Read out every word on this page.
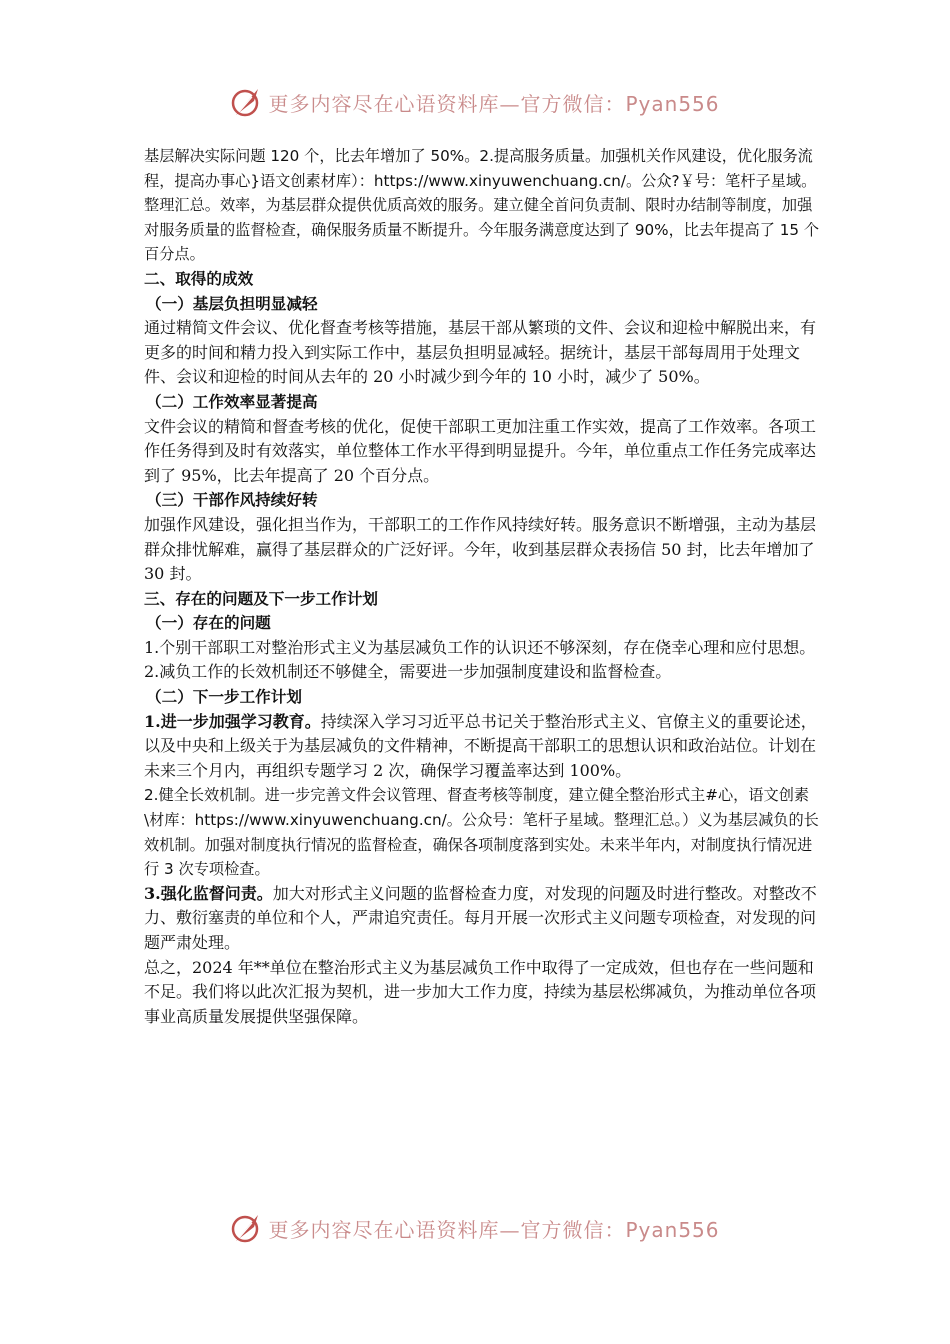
更多内容尽在心语资料库—官方微信：Pyan556

基层解决实际问题 120 个，比去年增加了 50%。2.提高服务质量。加强机关作风建设，优化服务流程，提高办事心}语文创素材库）：https://www.xinyuwenchuang.cn/。公众?￥号：笔杆子星域。整理汇总。效率，为基层群众提供优质高效的服务。建立健全首问负责制、限时办结制等制度，加强对服务质量的监督检查，确保服务质量不断提升。今年服务满意度达到了 90%，比去年提高了 15 个百分点。

二、取得的成效

（一）基层负担明显减轻

通过精简文件会议、优化督查考核等措施，基层干部从繁琐的文件、会议和迎检中解脱出来，有更多的时间和精力投入到实际工作中，基层负担明显减轻。据统计，基层干部每周用于处理文件、会议和迎检的时间从去年的 20 小时减少到今年的 10 小时，减少了 50%。

（二）工作效率显著提高

文件会议的精简和督查考核的优化，促使干部职工更加注重工作实效，提高了工作效率。各项工作任务得到及时有效落实，单位整体工作水平得到明显提升。今年，单位重点工作任务完成率达到了 95%，比去年提高了 20 个百分点。

（三）干部作风持续好转

加强作风建设，强化担当作为，干部职工的工作作风持续好转。服务意识不断增强，主动为基层群众排忧解难，赢得了基层群众的广泛好评。今年，收到基层群众表扬信 50 封，比去年增加了 30 封。

三、存在的问题及下一步工作计划

（一）存在的问题

1.个别干部职工对整治形式主义为基层减负工作的认识还不够深刻，存在侥幸心理和应付思想。2.减负工作的长效机制还不够健全，需要进一步加强制度建设和监督检查。

（二）下一步工作计划

1.进一步加强学习教育。持续深入学习习近平总书记关于整治形式主义、官僚主义的重要论述，以及中央和上级关于为基层减负的文件精神，不断提高干部职工的思想认识和政治站位。计划在未来三个月内，再组织专题学习 2 次，确保学习覆盖率达到 100%。

2.健全长效机制。进一步完善文件会议管理、督查考核等制度，建立健全整治形式主#心，语文创素\材库：https://www.xinyuwenchuang.cn/。公众号：笔杆子星域。整理汇总。）义为基层减负的长效机制。加强对制度执行情况的监督检查，确保各项制度落到实处。未来半年内，对制度执行情况进行 3 次专项检查。

3.强化监督问责。加大对形式主义问题的监督检查力度，对发现的问题及时进行整改。对整改不力、敷衍塞责的单位和个人，严肃追究责任。每月开展一次形式主义问题专项检查，对发现的问题严肃处理。

总之，2024 年**单位在整治形式主义为基层减负工作中取得了一定成效，但也存在一些问题和不足。我们将以此次汇报为契机，进一步加大工作力度，持续为基层松绑减负，为推动单位各项事业高质量发展提供坚强保障。

更多内容尽在心语资料库—官方微信：Pyan556
